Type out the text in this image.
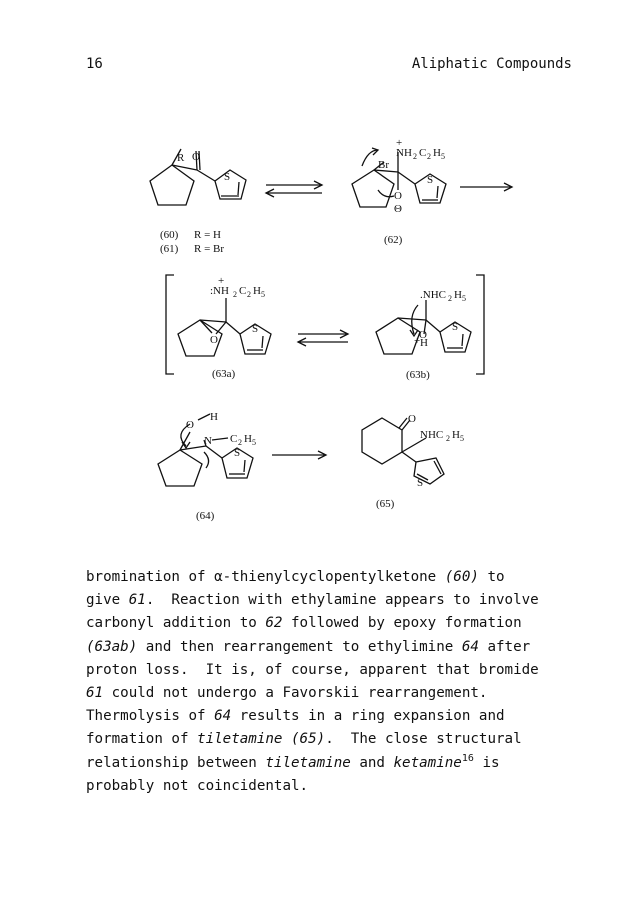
16	Aliphatic Compounds
R O
S
+
NH 2 C 2 H 5
Br
O
Θ
S
(60) R = H
(61) R = Br
(62)
+
:NH 2 C 2 H 5
O
S
.NHC 2 H 5
O
+ H
S
(63a)	(63b)
O
H
N C 2 H 5
S
O
NHC 2 H 5
S
(65)
(64)
bromination of α-thienylcyclopentylketone (60) to
give 61.  Reaction with ethylamine appears to involve
carbonyl addition to 62 followed by epoxy formation
(63ab) and then rearrangement to ethylimine 64 after
proton loss.  It is, of course, apparent that bromide
61 could not undergo a Favorskii rearrangement.
Thermolysis of 64 results in a ring expansion and
formation of tiletamine (65).  The close structural
relationship between tiletamine and ketamine$^{16}$ is
probably not coincidental.
